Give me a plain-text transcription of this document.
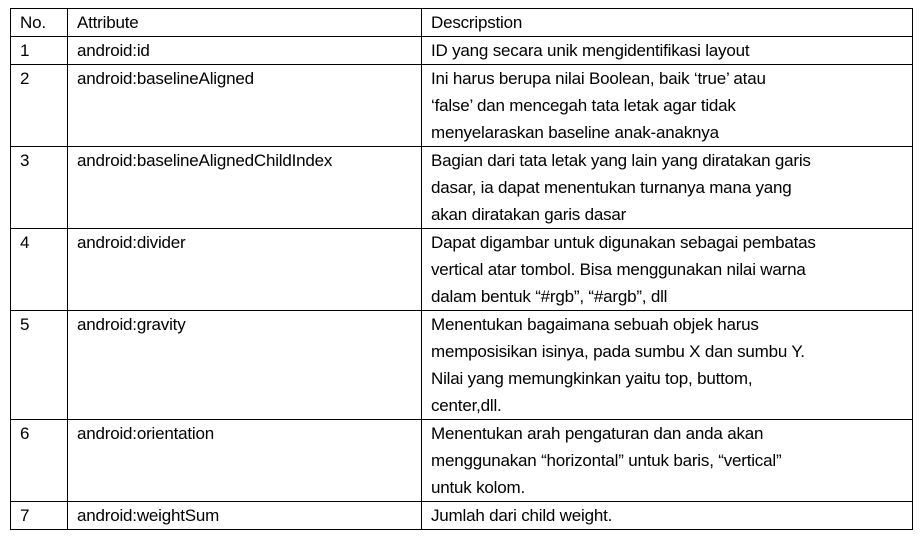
No.	Attribute	Descripstion
1	android:id	ID yang secara unik mengidentifikasi layout

2	android:baselineAligned	Ini harus berupa nilai Boolean, baik ‘true’ atau
‘false’ dan mencegah tata letak agar tidak
menyelaraskan baseline anak-anaknya

3	android:baselineAlignedChildIndex	Bagian dari tata letak yang lain yang diratakan garis
dasar, ia dapat menentukan turnanya mana yang
akan diratakan garis dasar

4	android:divider	Dapat digambar untuk digunakan sebagai pembatas
vertical atar tombol. Bisa menggunakan nilai warna
dalam bentuk “#rgb”, “#argb”, dll

5	android:gravity	Menentukan bagaimana sebuah objek harus
memposisikan isinya, pada sumbu X dan sumbu Y.
Nilai yang memungkinkan yaitu top, buttom,
center,dll.

6	android:orientation	Menentukan arah pengaturan dan anda akan
menggunakan “horizontal” untuk baris, “vertical”
untuk kolom.

7	android:weightSum	Jumlah dari child weight.
